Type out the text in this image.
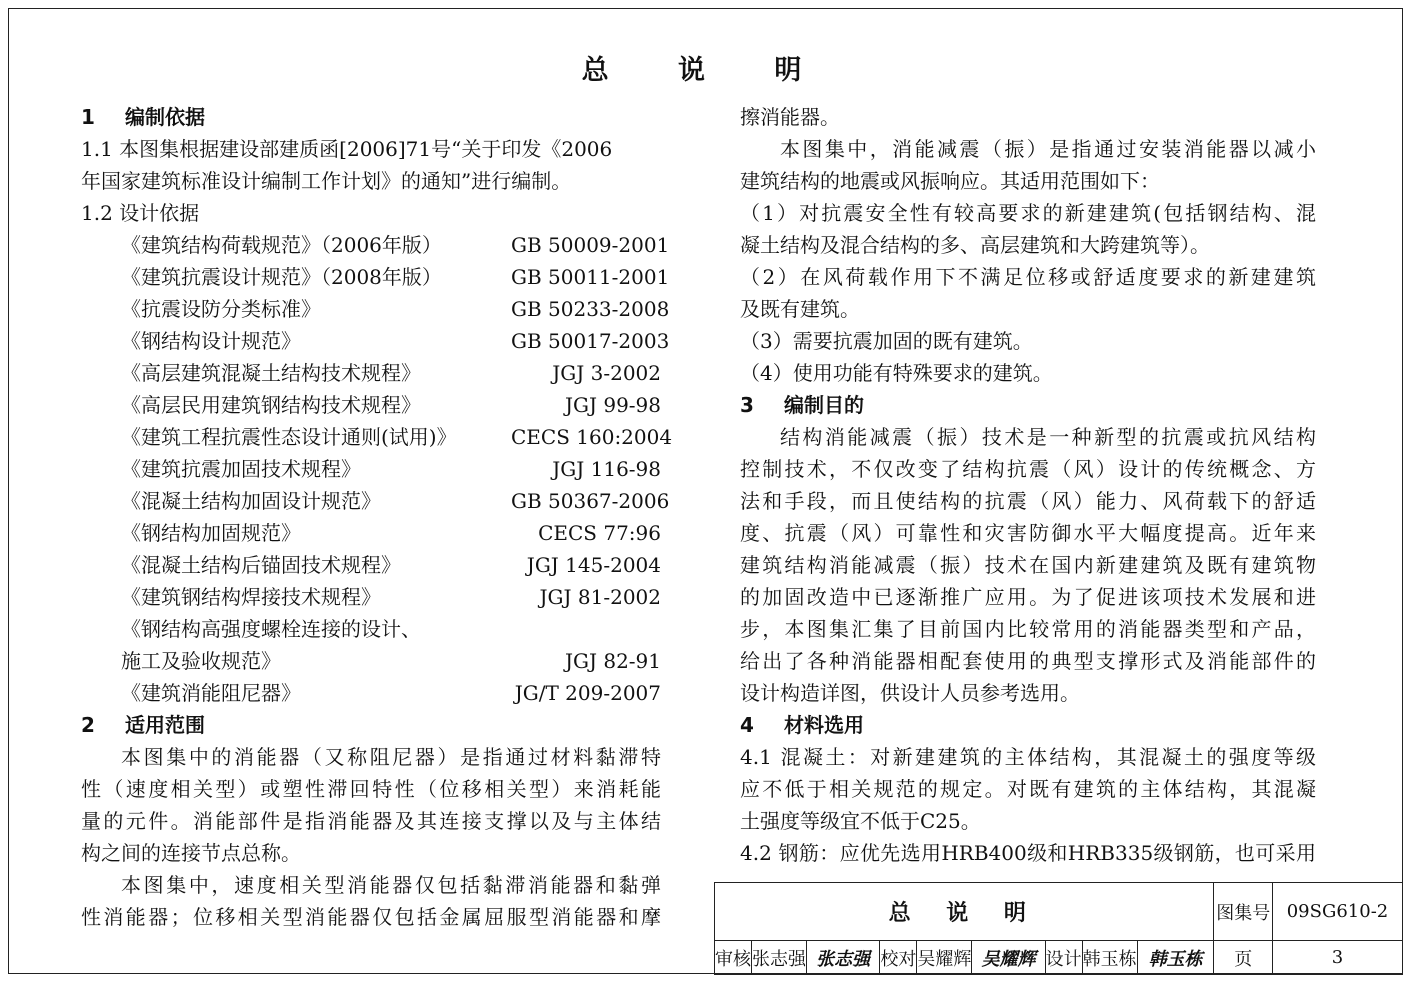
总 说 明
1 编制依据
1.1 本图集根据建设部建质函[2006]71号“关于印发《2006
年国家建筑标准设计编制工作计划》的通知”进行编制。
1.2 设计依据
《建筑结构荷载规范》（2006年版）	GB 50009-2001
《建筑抗震设计规范》（2008年版）	GB 50011-2001
《抗震设防分类标准》	GB 50233-2008
《钢结构设计规范》	GB 50017-2003
《高层建筑混凝土结构技术规程》	JGJ 3-2002
《高层民用建筑钢结构技术规程》	JGJ 99-98
《建筑工程抗震性态设计通则(试用)》	CECS 160:2004
《建筑抗震加固技术规程》	JGJ 116-98
《混凝土结构加固设计规范》	GB 50367-2006
《钢结构加固规范》	CECS 77:96
《混凝土结构后锚固技术规程》	JGJ 145-2004
《建筑钢结构焊接技术规程》	JGJ 81-2002
《钢结构高强度螺栓连接的设计、
施工及验收规范》	JGJ 82-91
《建筑消能阻尼器》	JG/T 209-2007
2 适用范围
本图集中的消能器（又称阻尼器）是指通过材料黏滞特
性（速度相关型）或塑性滞回特性（位移相关型）来消耗能
量的元件。消能部件是指消能器及其连接支撑以及与主体结
构之间的连接节点总称。
本图集中，速度相关型消能器仅包括黏滞消能器和黏弹
性消能器；位移相关型消能器仅包括金属屈服型消能器和摩
擦消能器。
本图集中，消能减震（振）是指通过安装消能器以减小
建筑结构的地震或风振响应。其适用范围如下：
（1）对抗震安全性有较高要求的新建建筑(包括钢结构、混
凝土结构及混合结构的多、高层建筑和大跨建筑等）。
（2）在风荷载作用下不满足位移或舒适度要求的新建建筑
及既有建筑。
（3）需要抗震加固的既有建筑。
（4）使用功能有特殊要求的建筑。
3 编制目的
结构消能减震（振）技术是一种新型的抗震或抗风结构
控制技术，不仅改变了结构抗震（风）设计的传统概念、方
法和手段，而且使结构的抗震（风）能力、风荷载下的舒适
度、抗震（风）可靠性和灾害防御水平大幅度提高。近年来
建筑结构消能减震（振）技术在国内新建建筑及既有建筑物
的加固改造中已逐渐推广应用。为了促进该项技术发展和进
步，本图集汇集了目前国内比较常用的消能器类型和产品，
给出了各种消能器相配套使用的典型支撑形式及消能部件的
设计构造详图，供设计人员参考选用。
4 材料选用
4.1 混凝土：对新建建筑的主体结构，其混凝土的强度等级
应不低于相关规范的规定。对既有建筑的主体结构，其混凝
土强度等级宜不低于C25。
4.2 钢筋：应优先选用HRB400级和HRB335级钢筋，也可采用
总 说 明									图集号	09SG610-2
审核	张志强	张志强	校对	吴耀辉	吴耀辉	设计	韩玉栋	韩玉栋	页	3
